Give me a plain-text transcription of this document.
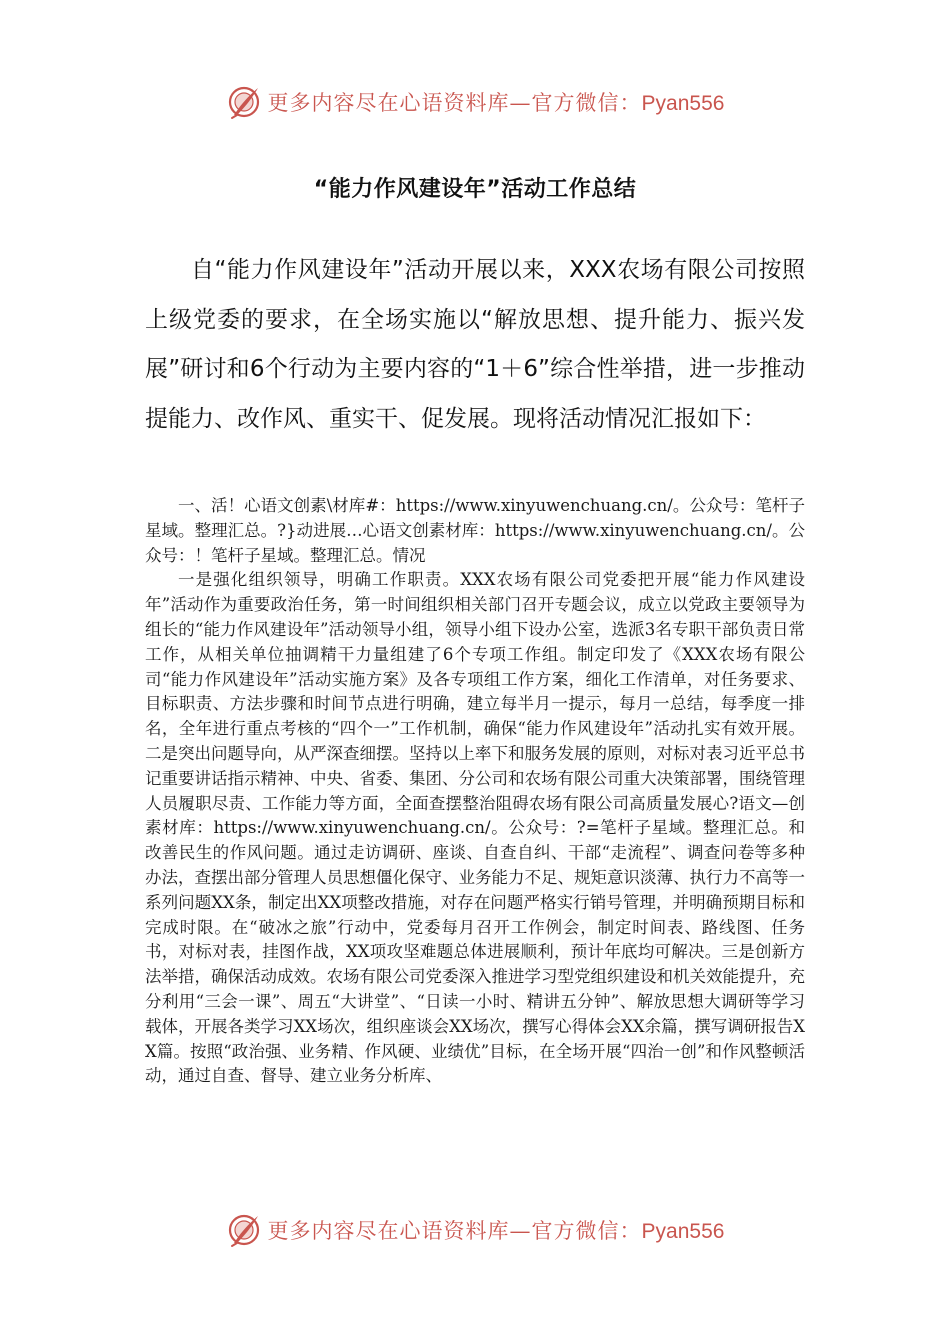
更多内容尽在心语资料库—官方微信：Pyan556
“能力作风建设年”活动工作总结

自“能力作风建设年”活动开展以来，XXX农场有限公司按照上级党委的要求，在全场实施以“解放思想、提升能力、振兴发展”研讨和6个行动为主要内容的“1＋6”综合性举措，进一步推动提能力、改作风、重实干、促发展。现将活动情况汇报如下：

一、活！心语文创素\材库#：https://www.xinyuwenchuang.cn/。公众号：笔杆子星域。整理汇总。?}动进展…心语文创素材库：https://www.xinyuwenchuang.cn/。公众号：！笔杆子星域。整理汇总。情况

一是强化组织领导，明确工作职责。XXX农场有限公司党委把开展“能力作风建设年”活动作为重要政治任务，第一时间组织相关部门召开专题会议，成立以党政主要领导为组长的“能力作风建设年”活动领导小组，领导小组下设办公室，选派3名专职干部负责日常工作，从相关单位抽调精干力量组建了6个专项工作组。制定印发了《XXX农场有限公司“能力作风建设年”活动实施方案》及各专项组工作方案，细化工作清单，对任务要求、目标职责、方法步骤和时间节点进行明确，建立每半月一提示，每月一总结，每季度一排名，全年进行重点考核的“四个一”工作机制，确保“能力作风建设年”活动扎实有效开展。二是突出问题导向，从严深查细摆。坚持以上率下和服务发展的原则，对标对表习近平总书记重要讲话指示精神、中央、省委、集团、分公司和农场有限公司重大决策部署，围绕管理人员履职尽责、工作能力等方面，全面查摆整治阻碍农场有限公司高质量发展心?语文—创素材库：https://www.xinyuwenchuang.cn/。公众号：?=笔杆子星域。整理汇总。和改善民生的作风问题。通过走访调研、座谈、自查自纠、干部“走流程”、调查问卷等多种办法，查摆出部分管理人员思想僵化保守、业务能力不足、规矩意识淡薄、执行力不高等一系列问题XX条，制定出XX项整改措施，对存在问题严格实行销号管理，并明确预期目标和完成时限。在“破冰之旅”行动中，党委每月召开工作例会，制定时间表、路线图、任务书，对标对表，挂图作战，XX项攻坚难题总体进展顺利，预计年底均可解决。三是创新方法举措，确保活动成效。农场有限公司党委深入推进学习型党组织建设和机关效能提升，充分利用“三会一课”、周五“大讲堂”、“日读一小时、精讲五分钟”、解放思想大调研等学习载体，开展各类学习XX场次，组织座谈会XX场次，撰写心得体会XX余篇，撰写调研报告XX篇。按照“政治强、业务精、作风硬、业绩优”目标，在全场开展“四治一创”和作风整顿活动，通过自查、督导、建立业务分析库、

更多内容尽在心语资料库—官方微信：Pyan556
